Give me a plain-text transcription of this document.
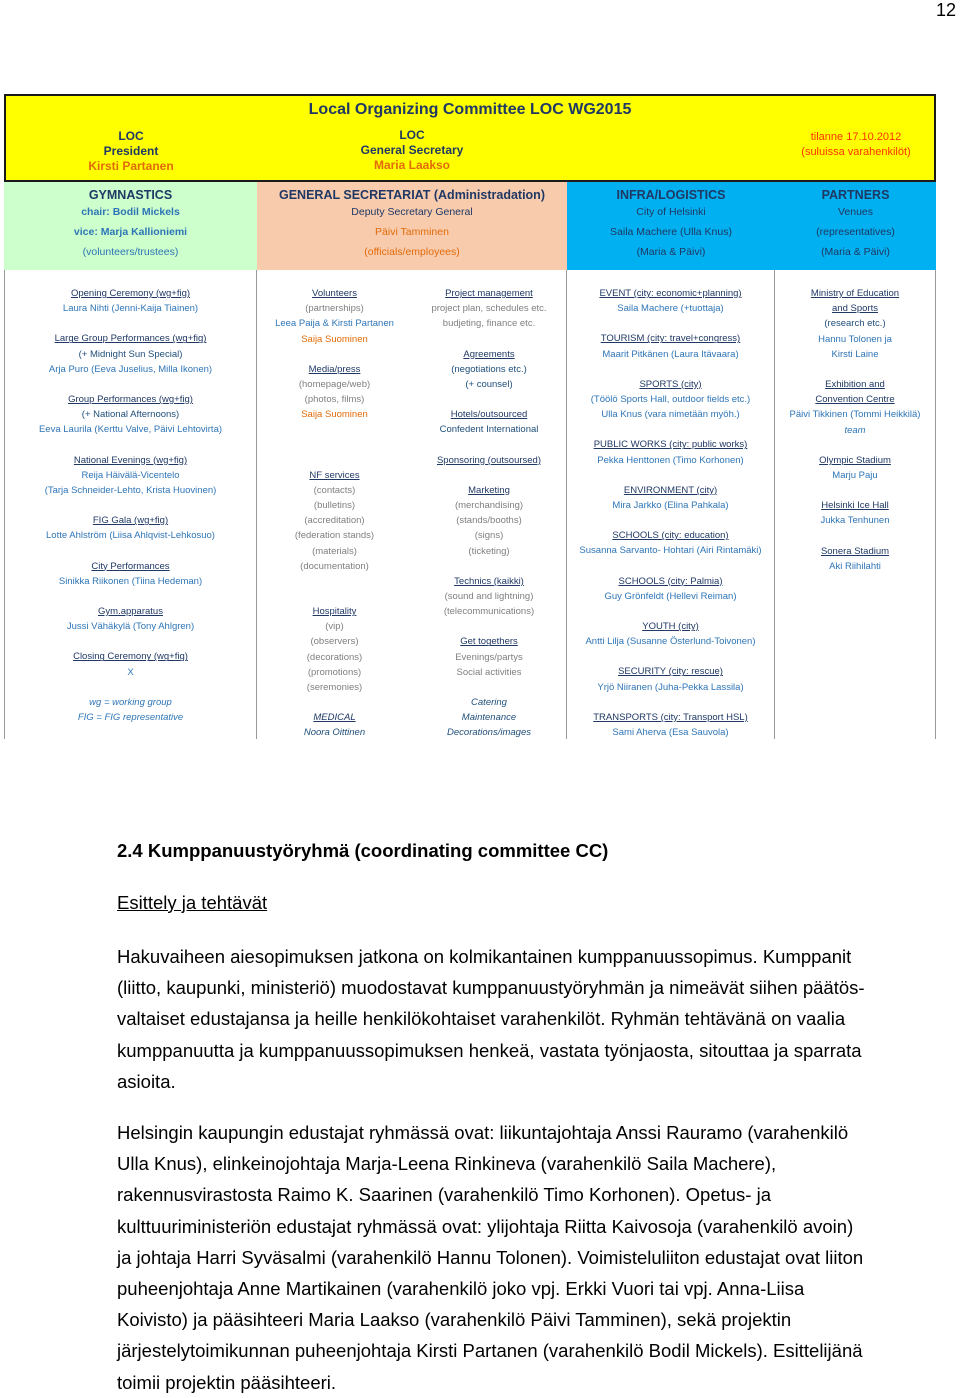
12
Local Organizing Committee LOC WG2015
LOC
President
Kirsti Partanen
LOC
General Secretary
Maria Laakso
tilanne 17.10.2012
(suluissa varahenkilöt)
GYMNASTICS
chair: Bodil Mickels
vice: Marja Kallioniemi
(volunteers/trustees)
GENERAL SECRETARIAT (Administradation)
Deputy Secretary General
Päivi Tamminen
(officials/employees)
INFRA/LOGISTICS
City of Helsinki
Saila Machere (Ulla Knus)
(Maria & Päivi)
PARTNERS
Venues
(representatives)
(Maria & Päivi)
Opening Ceremony (wg+fig)
Laura Nihti (Jenni-Kaija Tiainen)
Large Group Performances (wg+fig)
(+ Midnight Sun Special)
Arja Puro (Eeva Juselius, Milla Ikonen)
Group Performances (wg+fig)
(+ National Afternoons)
Eeva Laurila (Kerttu Valve, Päivi Lehtovirta)
National Evenings (wg+fig)
Reija Häivälä-Vicentelo
(Tarja Schneider-Lehto, Krista Huovinen)
FIG Gala (wg+fig)
Lotte Ahlström (Liisa Ahlqvist-Lehkosuo)
City Performances
Sinikka Riikonen (Tiina Hedeman)
Gym.apparatus
Jussi Vähäkylä (Tony Ahlgren)
Closing Ceremony (wg+fig)
X
wg = working group
FIG = FIG representative
Volunteers
(partnerships)
Leea Paija & Kirsti Partanen
Saija Suominen
Media/press
(homepage/web)
(photos, films)
Saija Suominen
NF services
(contacts)
(bulletins)
(accreditation)
(federation stands)
(materials)
(documentation)
Hospitality
(vip)
(observers)
(decorations)
(promotions)
(seremonies)
MEDICAL
Noora Oittinen
Project management
project plan, schedules etc.
budjeting, finance etc.
Agreements
(negotiations etc.)
(+ counsel)
Hotels/outsourced
Confedent International
Sponsoring (outsoursed)
Marketing
(merchandising)
(stands/booths)
(signs)
(ticketing)
Technics (kaikki)
(sound and lightning)
(telecommunications)
Get togethers
Evenings/partys
Social activities
Catering
Maintenance
Decorations/images
EVENT (city: economic+planning)
Saila Machere (+tuottaja)
TOURISM (city: travel+congress)
Maarit Pitkänen (Laura Itävaara)
SPORTS (city)
(Töölö Sports Hall, outdoor fields etc.)
Ulla Knus (vara nimetään myöh.)
PUBLIC WORKS (city: public works)
Pekka Henttonen (Timo Korhonen)
ENVIRONMENT (city)
Mira Jarkko (Elina Pahkala)
SCHOOLS (city: education)
Susanna Sarvanto- Hohtari (Airi Rintamäki)
SCHOOLS (city: Palmia)
Guy Grönfeldt (Hellevi Reiman)
YOUTH (city)
Antti Lilja (Susanne Österlund-Toivonen)
SECURITY (city: rescue)
Yrjö Niiranen (Juha-Pekka Lassila)
TRANSPORTS (city: Transport HSL)
Sami Aherva (Esa Sauvola)
Ministry of Education
and Sports
(research etc.)
Hannu Tolonen ja
Kirsti Laine
Exhibition and
Convention Centre
Päivi Tikkinen (Tommi Heikkilä)
team
Olympic Stadium
Marju Paju
Helsinki Ice Hall
Jukka Tenhunen
Sonera Stadium
Aki Riihilahti
2.4 Kumppanuustyöryhmä (coordinating committee CC)
Esittely ja tehtävät
Hakuvaiheen aiesopimuksen jatkona on kolmikantainen kumppanuussopimus. Kumppanit
(liitto, kaupunki, ministeriö) muodostavat kumppanuustyöryhmän ja nimeävät siihen päätös-
valtaiset edustajansa ja heille henkilökohtaiset varahenkilöt. Ryhmän tehtävänä on vaalia
kumppanuutta ja kumppanuussopimuksen henkeä, vastata työnjaosta, sitouttaa ja sparrata
asioita.
Helsingin kaupungin edustajat ryhmässä ovat: liikuntajohtaja Anssi Rauramo (varahenkilö
Ulla Knus), elinkeinojohtaja Marja-Leena Rinkineva (varahenkilö Saila Machere),
rakennusvirastosta Raimo K. Saarinen (varahenkilö Timo Korhonen). Opetus- ja
kulttuuriministeriön edustajat ryhmässä ovat: ylijohtaja Riitta Kaivosoja (varahenkilö avoin)
ja johtaja Harri Syväsalmi (varahenkilö Hannu Tolonen). Voimisteluliiton edustajat ovat liiton
puheenjohtaja Anne Martikainen (varahenkilö joko vpj. Erkki Vuori tai vpj. Anna-Liisa
Koivisto) ja pääsihteeri Maria Laakso (varahenkilö Päivi Tamminen), sekä projektin
järjestelytoimikunnan puheenjohtaja Kirsti Partanen (varahenkilö Bodil Mickels). Esittelijänä
toimii projektin pääsihteeri.
